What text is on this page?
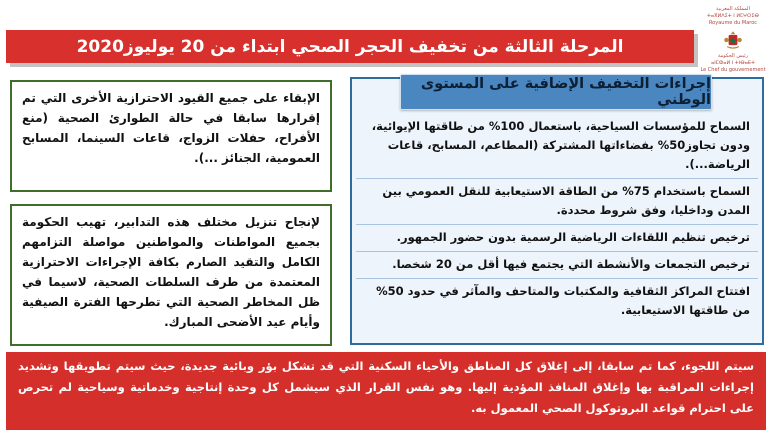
المرحلة الثالثة من تخفيف الحجر الصحي ابتداء من 20 يوليوز2020
المملكة المغربية
ⵜⴰⴳⵍⴷⵉⵜ ⵏ ⵍⵎⵖⵔⵉⴱ
Royaume du Maroc
رئيس الحكومة
ⴰⵏⵎⵀⴰⵍ ⵏ ⵜⵏⴱⴰⴹⵜ
Le Chef du gouvernement
إجراءات التخفيف الإضافية على المستوى الوطني
السماح للمؤسسات السياحية، باستعمال 100% من طاقتها الإيوائية، ودون تجاوز50% بفضاءاتها المشتركة (المطاعم، المسابح، قاعات الرياضة...).
السماح باستخدام 75% من الطاقة الاستيعابية للنقل العمومي بين المدن وداخليا، وفق شروط محددة.
ترخيص تنظيم اللقاءات الرياضية الرسمية بدون حضور الجمهور.
ترخيص التجمعات والأنشطة التي يجتمع فيها أقل من 20 شخصا.
افتتاح المراكز الثقافية والمكتبات والمتاحف والمآثر في حدود 50% من طاقتها الاستيعابية.
الإبقاء على جميع القيود الاحترازية الأخرى التي تم إقرارها سابقا في حالة الطوارئ الصحية (منع الأفراح، حفلات الزواج، قاعات السينما، المسابح العمومية، الجنائز ...).
لإنجاح تنزيل مختلف هذه التدابير، تهيب الحكومة بجميع المواطنات والمواطنين مواصلة التزامهم الكامل والتقيد الصارم بكافة الإجراءات الاحترازية المعتمدة من طرف السلطات الصحية، لاسيما في ظل المخاطر الصحية التي تطرحها الفترة الصيفية وأيام عيد الأضحى المبارك.
سيتم اللجوء، كما تم سابقا، إلى إغلاق كل المناطق والأحياء السكنية التي قد تشكل بؤر وبائية جديدة، حيث سيتم تطويقها وتشديد إجراءات المراقبة بها وإغلاق المنافذ المؤدية إليها. وهو نفس القرار الذي سيشمل كل وحدة إنتاجية وخدماتية وسياحية لم تحرص على احترام قواعد البروتوكول الصحي المعمول به.
